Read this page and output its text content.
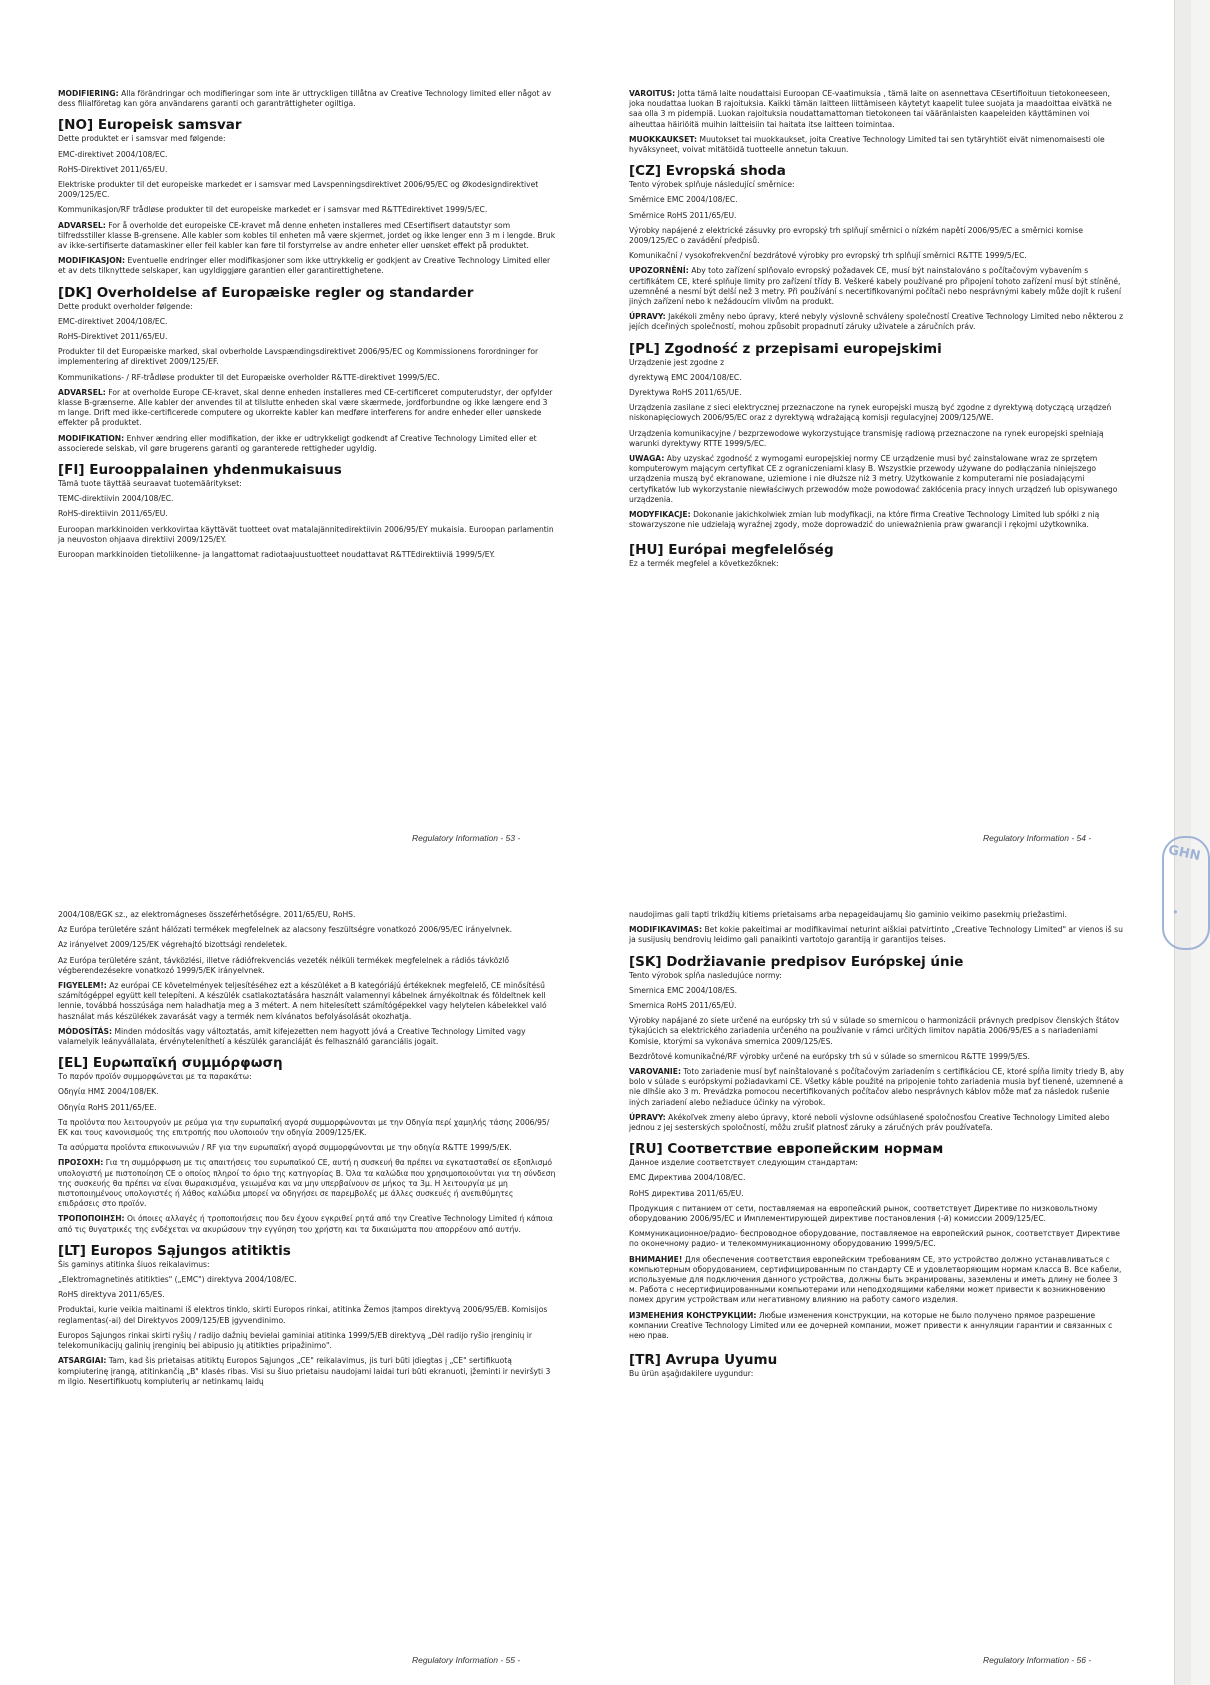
MODIFIERING: Alla förändringar och modifieringar som inte är uttryckligen tillåtna av Creative Technology limited eller något av dess filialföretag kan göra användarens garanti och garanträttigheter ogiltiga.

[NO] Europeisk samsvar

Dette produktet er i samsvar med følgende:

EMC-direktivet 2004/108/EC.

RoHS-Direktivet 2011/65/EU.

Elektriske produkter til det europeiske markedet er i samsvar med Lavspenningsdirektivet 2006/95/EC og Økodesigndirektivet 2009/125/EC.

Kommunikasjon/RF trådløse produkter til det europeiske markedet er i samsvar med R&TTEdirektivet 1999/5/EC.

ADVARSEL: For å overholde det europeiske CE-kravet må denne enheten installeres med CEsertifisert datautstyr som tilfredsstiller klasse B-grensene. Alle kabler som kobles til enheten må være skjermet, jordet og ikke lenger enn 3 m i lengde. Bruk av ikke-sertifiserte datamaskiner eller feil kabler kan føre til forstyrrelse av andre enheter eller uønsket effekt på produktet.

MODIFIKASJON: Eventuelle endringer eller modifikasjoner som ikke uttrykkelig er godkjent av Creative Technology Limited eller et av dets tilknyttede selskaper, kan ugyldiggjøre garantien eller garantirettighetene.

[DK] Overholdelse af Europæiske regler og standarder

Dette produkt overholder følgende:

EMC-direktivet 2004/108/EC.

RoHS-Direktivet 2011/65/EU.

Produkter til det Europæiske marked, skal ovberholde Lavspændingsdirektivet 2006/95/EC og Kommissionens forordninger for implementering af direktivet 2009/125/EF.

Kommunikations- / RF-trådløse produkter til det Europæiske overholder R&TTE-direktivet 1999/5/EC.

ADVARSEL: For at overholde Europe CE-kravet, skal denne enheden installeres med CE-certificeret computerudstyr, der opfylder klasse B-grænserne. Alle kabler der anvendes til at tilslutte enheden skal være skærmede, jordforbundne og ikke længere end 3 m lange. Drift med ikke-certificerede computere og ukorrekte kabler kan medføre interferens for andre enheder eller uønskede effekter på produktet.

MODIFIKATION: Enhver ændring eller modifikation, der ikke er udtrykkeligt godkendt af Creative Technology Limited eller et associerede selskab, vil gøre brugerens garanti og garanterede rettigheder ugyldig.

[FI] Eurooppalainen yhdenmukaisuus

Tämä tuote täyttää seuraavat tuotemääritykset:

TEMC-direktiivin 2004/108/EC.

RoHS-direktiivin 2011/65/EU.

Euroopan markkinoiden verkkovirtaa käyttävät tuotteet ovat matalajännitedirektiivin 2006/95/EY mukaisia. Euroopan parlamentin ja neuvoston ohjaava direktiivi 2009/125/EY.

Euroopan markkinoiden tietoliikenne- ja langattomat radiotaajuustuotteet noudattavat R&TTEdirektiiviä 1999/5/EY.

Regulatory Information - 53 -

VAROITUS: Jotta tämä laite noudattaisi Euroopan CE-vaatimuksia , tämä laite on asennettava CEsertifioituun tietokoneeseen, joka noudattaa luokan B rajoituksia. Kaikki tämän laitteen liittämiseen käytetyt kaapelit tulee suojata ja maadoittaa eivätkä ne saa olla 3 m pidempiä. Luokan rajoituksia noudattamattoman tietokoneen tai vääränlaisten kaapeleiden käyttäminen voi aiheuttaa häiriöitä muihin laitteisiin tai haitata itse laitteen toimintaa.

MUOKKAUKSET: Muutokset tai muokkaukset, joita Creative Technology Limited tai sen tytäryhtiöt eivät nimenomaisesti ole hyväksyneet, voivat mitätöidä tuotteelle annetun takuun.

[CZ] Evropská shoda

Tento výrobek splňuje následující směrnice:

Směrnice EMC 2004/108/EC.

Směrnice RoHS 2011/65/EU.

Výrobky napájené z elektrické zásuvky pro evropský trh splňují směrnici o nízkém napětí 2006/95/EC a směrnici komise 2009/125/EC o zavádění předpisů.

Komunikační / vysokofrekvenční bezdrátové výrobky pro evropský trh splňují směrnici R&TTE 1999/5/EC.

UPOZORNĚNÍ: Aby toto zařízení splňovalo evropský požadavek CE, musí být nainstalováno s počítačovým vybavením s certifikátem CE, které splňuje limity pro zařízení třídy B. Veškeré kabely používané pro připojení tohoto zařízení musí být stíněné, uzemněné a nesmí být delší než 3 metry. Při používání s necertifikovanými počítači nebo nesprávnými kabely může dojít k rušení jiných zařízení nebo k nežádoucím vlivům na produkt.

ÚPRAVY: Jakékoli změny nebo úpravy, které nebyly výslovně schváleny společností Creative Technology Limited nebo některou z jejích dceřiných společností, mohou způsobit propadnutí záruky uživatele a záručních práv.

[PL] Zgodność z przepisami europejskimi

Urządzenie jest zgodne z

dyrektywą EMC 2004/108/EC.

Dyrektywa RoHS 2011/65/UE.

Urządzenia zasilane z sieci elektrycznej przeznaczone na rynek europejski muszą być zgodne z dyrektywą dotyczącą urządzeń niskonapięciowych 2006/95/EC oraz z dyrektywą wdrażającą komisji regulacyjnej 2009/125/WE.

Urządzenia komunikacyjne / bezprzewodowe wykorzystujące transmisję radiową przeznaczone na rynek europejski spełniają warunki dyrektywy RTTE 1999/5/EC.

UWAGA: Aby uzyskać zgodność z wymogami europejskiej normy CE urządzenie musi być zainstalowane wraz ze sprzętem komputerowym mającym certyfikat CE z ograniczeniami klasy B. Wszystkie przewody używane do podłączania niniejszego urządzenia muszą być ekranowane, uziemione i nie dłuższe niż 3 metry. Użytkowanie z komputerami nie posiadającymi certyfikatów lub wykorzystanie niewłaściwych przewodów może powodować zakłócenia pracy innych urządzeń lub opisywanego urządzenia.

MODYFIKACJE: Dokonanie jakichkolwiek zmian lub modyfikacji, na które firma Creative Technology Limited lub spółki z nią stowarzyszone nie udzielają wyraźnej zgody, może doprowadzić do unieważnienia praw gwarancji i rękojmi użytkownika.

[HU] Európai megfelelőség

Ez a termék megfelel a következőknek:

Regulatory Information - 54 -

2004/108/EGK sz., az elektromágneses összeférhetőségre. 2011/65/EU, RoHS.

Az Európa területére szánt hálózati termékek megfelelnek az alacsony feszültségre vonatkozó 2006/95/EC irányelvnek.

Az irányelvet 2009/125/EK végrehajtó bizottsági rendeletek.

Az Európa területére szánt, távközlési, illetve rádiófrekvenciás vezeték nélküli termékek megfelelnek a rádiós távközlő végberendezésekre vonatkozó 1999/5/EK irányelvnek.

FIGYELEM!: Az európai CE követelmények teljesítéséhez ezt a készüléket a B kategóriájú értékeknek megfelelő, CE minősítésű számítógéppel együtt kell telepíteni. A készülék csatlakoztatására használt valamennyi kábelnek árnyékoltnak és földeltnek kell lennie, továbbá hosszúsága nem haladhatja meg a 3 métert. A nem hitelesített számítógépekkel vagy helytelen kábelekkel való használat más készülékek zavarását vagy a termék nem kívánatos befolyásolását okozhatja.

MÓDOSÍTÁS: Minden módosítás vagy változtatás, amit kifejezetten nem hagyott jóvá a Creative Technology Limited vagy valamelyik leányvállalata, érvényteleníthetí a készülék garanciáját és felhasználó garanciális jogait.

[EL] Ευρωπαϊκή συμμόρφωση

Το παρόν προϊόν συμμορφώνεται με τα παρακάτω:

Οδηγία ΗΜΣ 2004/108/ΕΚ.

Οδηγία RoHS 2011/65/ΕΕ.

Τα προϊόντα που λειτουργούν με ρεύμα για την ευρωπαϊκή αγορά συμμορφώνονται με την Οδηγία περί χαμηλής τάσης 2006/95/ΕΚ και τους κανονισμούς της επιτροπής που υλοποιούν την οδηγία 2009/125/ΕΚ.

Τα ασύρματα προϊόντα επικοινωνιών / RF για την ευρωπαϊκή αγορά συμμορφώνονται με την οδηγία R&TTE 1999/5/ΕΚ.

ΠΡΟΣΟΧΗ: Για τη συμμόρφωση με τις απαιτήσεις του ευρωπαϊκού CE, αυτή η συσκευή θα πρέπει να εγκατασταθεί σε εξοπλισμό υπολογιστή με πιστοποίηση CE ο οποίος πληροί το όριο της κατηγορίας B. Όλα τα καλώδια που χρησιμοποιούνται για τη σύνδεση της συσκευής θα πρέπει να είναι θωρακισμένα, γειωμένα και να μην υπερβαίνουν σε μήκος τα 3μ. Η λειτουργία με μη πιστοποιημένους υπολογιστές ή λάθος καλώδια μπορεί να οδηγήσει σε παρεμβολές με άλλες συσκευές ή ανεπιθύμητες επιδράσεις στο προϊόν.

ΤΡΟΠΟΠΟΙΗΣΗ: Οι όποιες αλλαγές ή τροποποιήσεις που δεν έχουν εγκριθεί ρητά από την Creative Technology Limited ή κάποια από τις θυγατρικές της ενδέχεται να ακυρώσουν την εγγύηση του χρήστη και τα δικαιώματα που απορρέουν από αυτήν.

[LT] Europos Sąjungos atitiktis

Šis gaminys atitinka šiuos reikalavimus:

„Elektromagnetinės atitikties" („EMC") direktyva 2004/108/EC.

RoHS direktyva 2011/65/ES.

Produktai, kurie veikia maitinami iš elektros tinklo, skirti Europos rinkai, atitinka Žemos įtampos direktyvą 2006/95/EB. Komisijos reglamentas(-ai) del Direktyvos 2009/125/EB įgyvendinimo.

Europos Sąjungos rinkai skirti ryšių / radijo dažnių bevielai gaminiai atitinka 1999/5/EB direktyvą „Dėl radijo ryšio įrenginių ir telekomunikacijų galinių įrenginių bei abipusio jų atitikties pripažinimo".

ATSARGIAI: Tam, kad šis prietaisas atitiktų Europos Sąjungos „CE" reikalavimus, jis turi būti įdiegtas į „CE" sertifikuotą kompiuterinę įrangą, atitinkančią „B" klasės ribas. Visi su šiuo prietaisu naudojami laidai turi būti ekranuoti, įžeminti ir neviršyti 3 m ilgio. Nesertifikuotų kompiuterių ar netinkamų laidų

Regulatory Information - 55 -

naudojimas gali tapti trikdžių kitiems prietaisams arba nepageidaujamų šio gaminio veikimo pasekmių priežastimi.

MODIFIKAVIMAS: Bet kokie pakeitimai ar modifikavimai neturint aiškiai patvirtinto „Creative Technology Limited" ar vienos iš su ja susijusių bendrovių leidimo gali panaikinti vartotojo garantiją ir garantijos teises.

[SK] Dodržiavanie predpisov Európskej únie

Tento výrobok spĺňa nasledujúce normy:

Smernica EMC 2004/108/ES.

Smernica RoHS 2011/65/EÚ.

Výrobky napájané zo siete určené na európsky trh sú v súlade so smernicou o harmonizácii právnych predpisov členských štátov týkajúcich sa elektrického zariadenia určeného na používanie v rámci určitých limitov napätia 2006/95/ES a s nariadeniami Komisie, ktorými sa vykonáva smernica 2009/125/ES.

Bezdrôtové komunikačné/RF výrobky určené na európsky trh sú v súlade so smernicou R&TTE 1999/5/ES.

VAROVANIE: Toto zariadenie musí byť nainštalované s počítačovým zariadením s certifikáciou CE, ktoré spĺňa limity triedy B, aby bolo v súlade s európskymi požiadavkami CE. Všetky káble použité na pripojenie tohto zariadenia musia byť tienené, uzemnené a nie dlhšie ako 3 m. Prevádzka pomocou necertifikovaných počítačov alebo nesprávnych káblov môže mať za následok rušenie iných zariadení alebo nežiaduce účinky na výrobok.

ÚPRAVY: Akékoľvek zmeny alebo úpravy, ktoré neboli výslovne odsúhlasené spoločnosťou Creative Technology Limited alebo jednou z jej sesterských spoločností, môžu zrušiť platnosť záruky a záručných práv používateľa.

[RU] Соответствие европейским нормам

Данное изделие соответствует следующим стандартам:

EMC Директива 2004/108/EC.

RoHS директива 2011/65/EU.

Продукция с питанием от сети, поставляемая на европейский рынок, соответствует Директиве по низковольтному оборудованию 2006/95/EC и Имплементирующей директиве постановления (-й) комиссии 2009/125/EC.

Коммуникационное/радио- беспроводное оборудование, поставляемое на европейский рынок, соответствует Директиве по оконечному радио- и телекоммуникационному оборудованию 1999/5/EC.

ВНИМАНИЕ! Для обеспечения соответствия европейским требованиям CE, это устройство должно устанавливаться с компьютерным оборудованием, сертифицированным по стандарту CE и удовлетворяющим нормам класса B. Все кабели, используемые для подключения данного устройства, должны быть экранированы, заземлены и иметь длину не более 3 м. Работа с несертифицированными компьютерами или неподходящими кабелями может привести к возникновению помех другим устройствам или негативному влиянию на работу самого изделия.

ИЗМЕНЕНИЯ КОНСТРУКЦИИ: Любые изменения конструкции, на которые не было получено прямое разрешение компании Creative Technology Limited или ее дочерней компании, может привести к аннуляции гарантии и связанных с нею прав.

[TR] Avrupa Uyumu

Bu ürün aşağıdakilere uygundur:

Regulatory Information - 56 -
GHN
•
